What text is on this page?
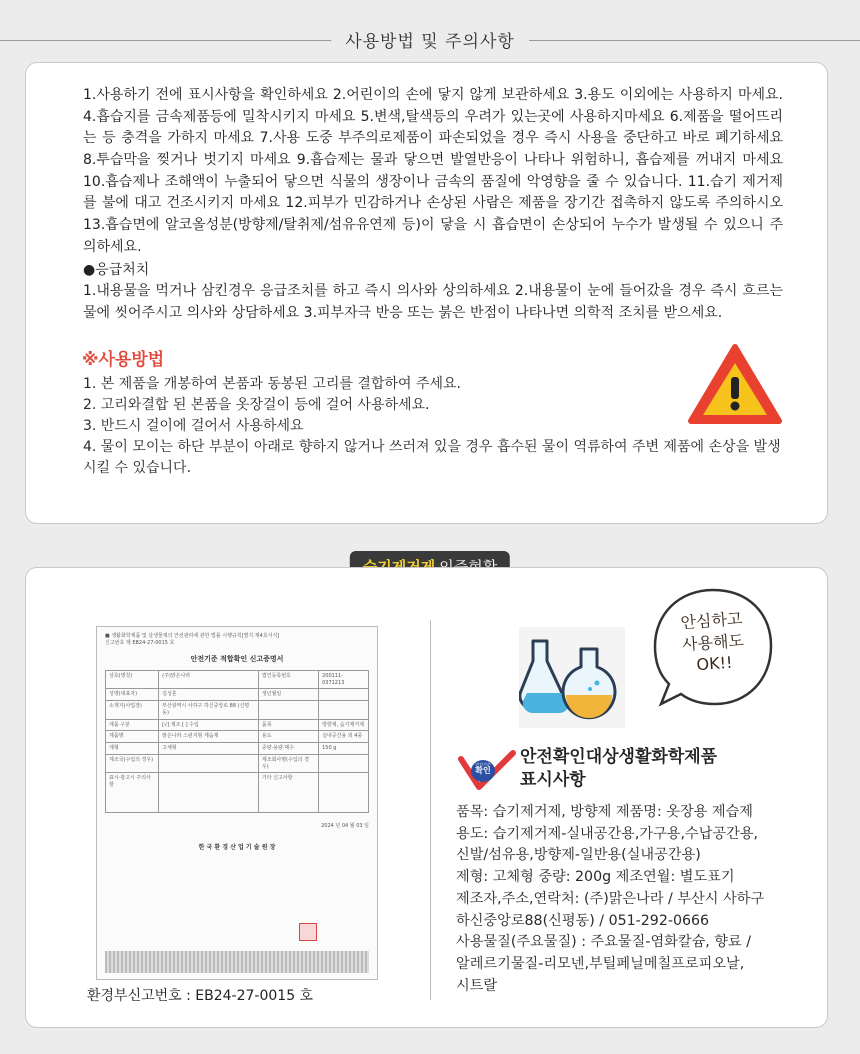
사용방법 및 주의사항

1.사용하기 전에 표시사항을 확인하세요 2.어린이의 손에 닿지 않게 보관하세요 3.용도 이외에는 사용하지 마세요. 4.흡습지를 금속제품등에 밀착시키지 마세요 5.변색,탈색등의 우려가 있는곳에 사용하지마세요 6.제품을 떨어뜨리는 등 충격을 가하지 마세요 7.사용 도중 부주의로제품이 파손되었을 경우 즉시 사용을 중단하고 바로 폐기하세요 8.투습막을 찢거나 벗기지 마세요 9.흡습제는 물과 닿으면 발열반응이 나타나 위험하니, 흡습제를 꺼내지 마세요 10.흡습제나 조해액이 누출되어 닿으면 식물의 생장이나 금속의 품질에 악영향을 줄 수 있습니다. 11.습기 제거제를 불에 대고 건조시키지 마세요 12.피부가 민감하거나 손상된 사람은 제품을 장기간 접촉하지 않도록 주의하시오 13.흡습면에 알코올성분(방향제/탈취제/섬유유연제 등)이 닿을 시 흡습면이 손상되어 누수가 발생될 수 있으니 주의하세요.

●응급처치

1.내용물을 먹거나 삼킨경우 응급조치를 하고 즉시 의사와 상의하세요 2.내용물이 눈에 들어갔을 경우 즉시 흐르는 물에 씻어주시고 의사와 상담하세요 3.피부자극 반응 또는 붉은 반점이 나타나면 의학적 조치를 받으세요.

※사용방법

1. 본 제품을 개봉하여 본품과 동봉된 고리를 결합하여 주세요.

2. 고리와결합 된 본품을 옷장걸이 등에 걸어 사용하세요.

3. 반드시 걸이에 걸어서 사용하세요

4. 물이 모이는 하단 부분이 아래로 향하지 않거나 쓰러져 있을 경우 흡수된 물이 역류하여 주변 제품에 손상을 발생시킬 수 있습니다.

■ 생활화학제품 및 살생물제의 안전관리에 관한 법률 시행규칙[별지 제4호서식]
신고번호 제 EB24-27-0015 호
안전기준 적합확인 신고증명서
상호(명칭)	(주)맑은나라	법인등록번호	200111-0371213
성명(대표자)	김성훈	생년월일	
소재지(사업장)	부산광역시 사하구 하신중앙로 88 (신평동)		
제품 구분	[√] 제조 [ ] 수입	품목	방향제, 습기제거제
제품명	맑은나라 스펀지형 제습제	용도	실내공간용 외 4종
제형	고체형	중량·용량·매수	150 g
제조국(수입의 경우)		제조회사명(수입의 경우)	
표시·광고시 주의사항		기타 신고사항	
2024 년 04 월 03 일
한 국 환 경 산 업 기 술 원 장
환경부신고번호 : EB24-27-0015 호
안심하고
사용해도
OK!!
안전기준
확인
안전확인대상생활화학제품
표시사항
품목: 습기제거제, 방향제 제품명: 옷장용 제습제
용도: 습기제거제-실내공간용,가구용,수납공간용,
신발/섬유용,방향제-일반용(실내공간용)
제형: 고체형 중량: 200g 제조연월: 별도표기
제조자,주소,연락처: (주)맑은나라 / 부산시 사하구
하신중앙로88(신평동) / 051-292-0666
사용물질(주요물질) : 주요물질-염화칼슘, 향료 /
알레르기물질-리모넨,부틸페닐메칠프로피오날,
시트랄
